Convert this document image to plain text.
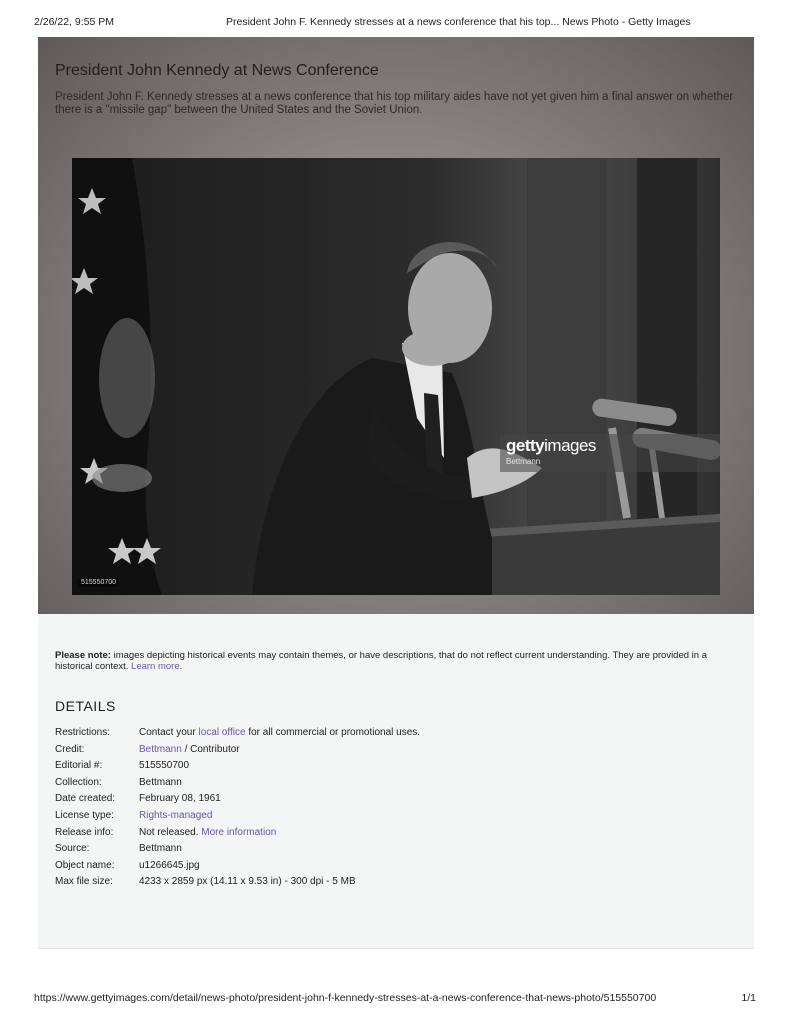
2/26/22, 9:55 PM	President John F. Kennedy stresses at a news conference that his top... News Photo - Getty Images
President John Kennedy at News Conference
President John F. Kennedy stresses at a news conference that his top military aides have not yet given him a final answer on whether there is a "missile gap" between the United States and the Soviet Union.
gettyimages
Bettmann
515550700
Please note: images depicting historical events may contain themes, or have descriptions, that do not reflect current understanding. They are provided in a historical context. Learn more.
DETAILS
Restrictions:	Contact your local office for all commercial or promotional uses.
Credit:	Bettmann / Contributor
Editorial #:	515550700
Collection:	Bettmann
Date created: February 08, 1961
License type:	Rights-managed
Release info:	Not released. More information
Source:	Bettmann
Object name: u1266645.jpg
Max file size:	4233 x 2859 px (14.11 x 9.53 in) - 300 dpi - 5 MB
https://www.gettyimages.com/detail/news-photo/president-john-f-kennedy-stresses-at-a-news-conference-that-news-photo/515550700	1/1
